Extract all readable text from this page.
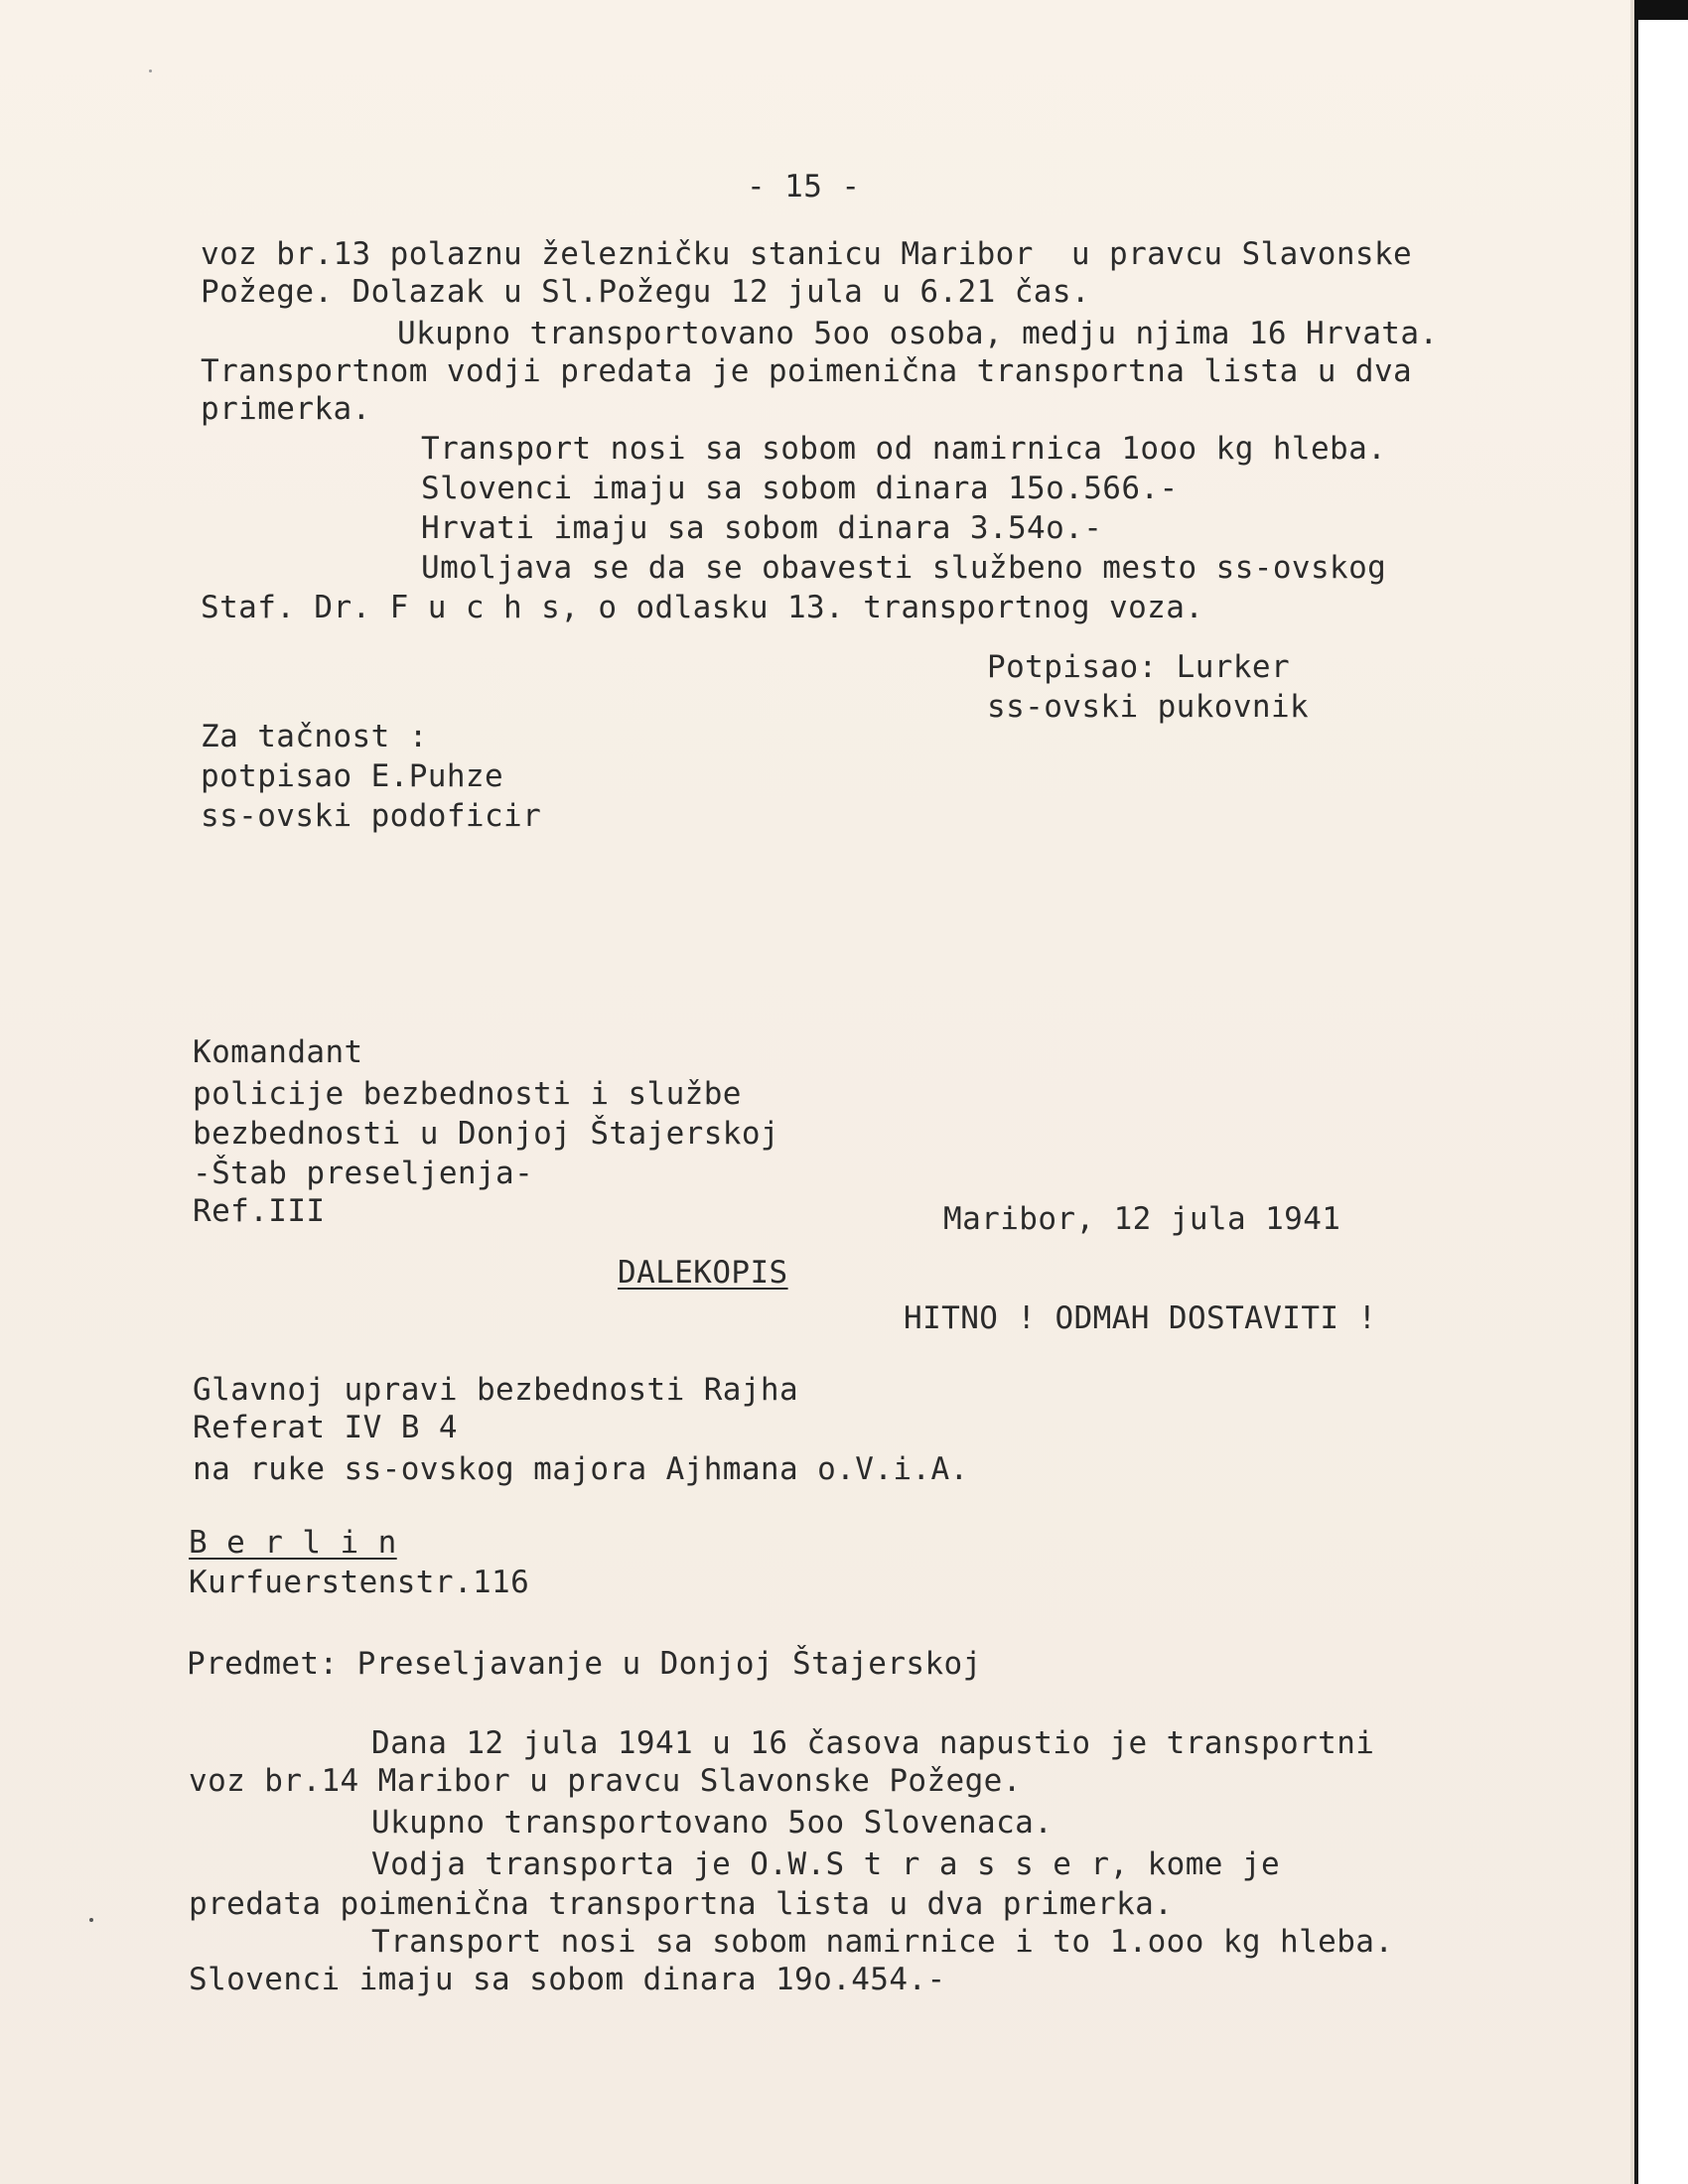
- 15 -
voz br.13 polaznu železničku stanicu Maribor  u pravcu Slavonske
Požege. Dolazak u Sl.Požegu 12 jula u 6.21 čas.
Ukupno transportovano 5oo osoba, medju njima 16 Hrvata.
Transportnom vodji predata je poimenična transportna lista u dva
primerka.
Transport nosi sa sobom od namirnica 1ooo kg hleba.
Slovenci imaju sa sobom dinara 15o.566.-
Hrvati imaju sa sobom dinara 3.54o.-
Umoljava se da se obavesti službeno mesto ss-ovskog
Staf. Dr. F u c h s, o odlasku 13. transportnog voza.
Potpisao: Lurker
ss-ovski pukovnik
Za tačnost :
potpisao E.Puhze
ss-ovski podoficir
Komandant
policije bezbednosti i službe
bezbednosti u Donjoj Štajerskoj
-Štab preseljenja-
Ref.III	Maribor, 12 jula 1941
DALEKOPIS
HITNO ! ODMAH DOSTAVITI !
Glavnoj upravi bezbednosti Rajha
Referat IV B 4
na ruke ss-ovskog majora Ajhmana o.V.i.A.
B e r l i n
Kurfuerstenstr.116
Predmet: Preseljavanje u Donjoj Štajerskoj
Dana 12 jula 1941 u 16 časova napustio je transportni
voz br.14 Maribor u pravcu Slavonske Požege.
Ukupno transportovano 5oo Slovenaca.
Vodja transporta je O.W.S t r a s s e r, kome je
predata poimenična transportna lista u dva primerka.
Transport nosi sa sobom namirnice i to 1.ooo kg hleba.
Slovenci imaju sa sobom dinara 19o.454.-
